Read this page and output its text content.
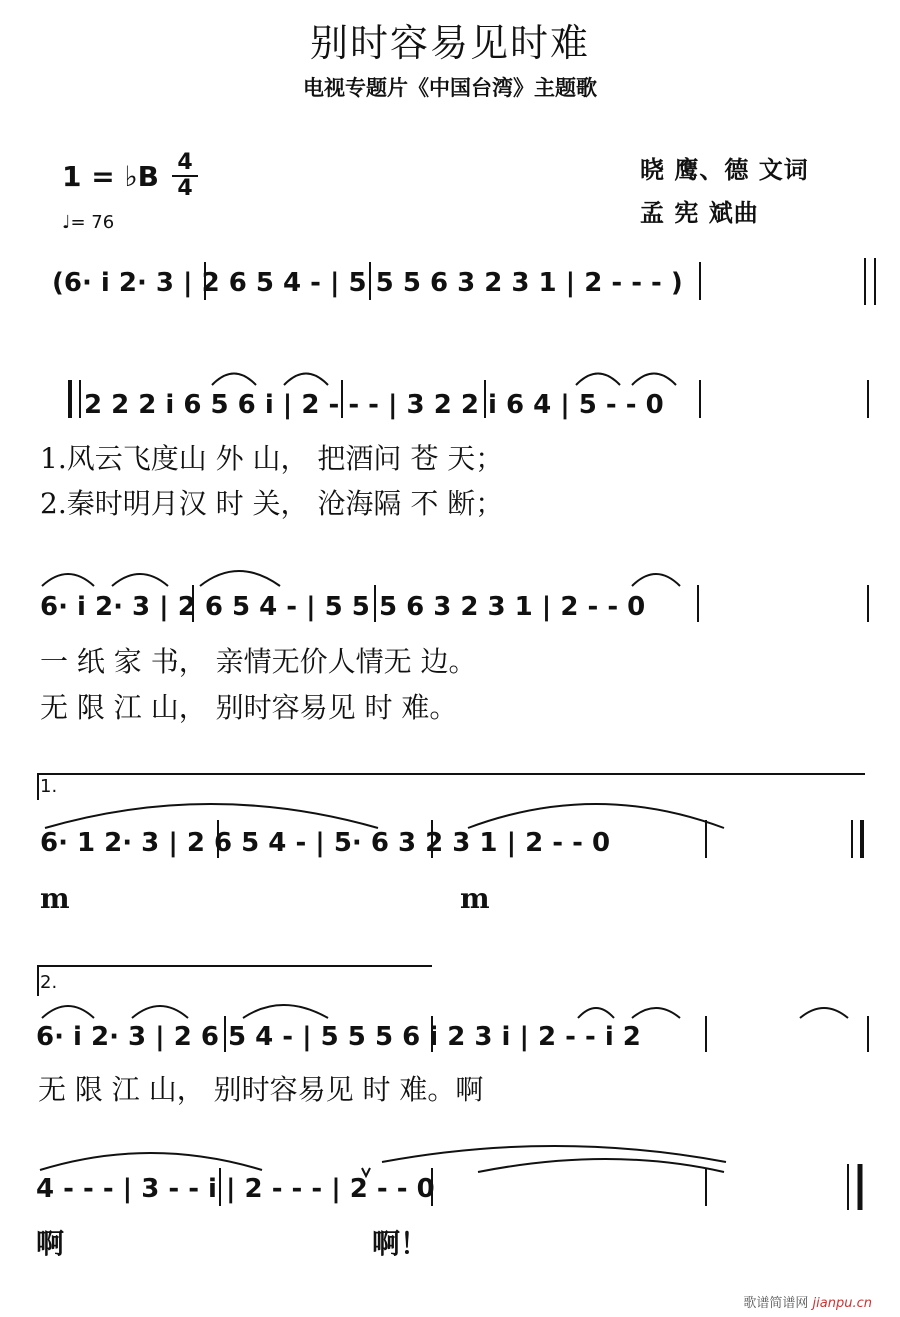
别时容易见时难
电视专题片《中国台湾》主题歌
1 = ♭B 4
4
♩= 76
晓 鹰、德 文词
孟 宪 斌曲
(6· i 2· 3 | 2 6 5 4 - | 5 5 5 6 3 2 3 1 | 2 - - - )
2 2 2 i 6 5 6 i | 2 - - - | 3 2 2 i 6 4 | 5 - - 0
1.风云飞度山 外 山， 把酒问 苍 天；
2.秦时明月汉 时 关， 沧海隔 不 断；
6· i 2· 3 | 2 6 5 4 - | 5 5 5 6 3 2 3 1 | 2 - - 0
一 纸 家 书， 亲情无价人情无 边。
无 限 江 山， 别时容易见 时 难。
1.
6· 1 2· 3 | 2 6 5 4 - | 5· 6 3 2 3 1 | 2 - - 0
m	m
2.
6· i 2· 3 | 2 6 5 4 - | 5 5 5 6 i 2 3 i | 2 - - i 2
无 限 江 山， 别时容易见 时 难。啊
4 - - - | 3 - - i | 2 - - - | 2 - - 0
啊	啊！
歌谱简谱网 jianpu.cn
